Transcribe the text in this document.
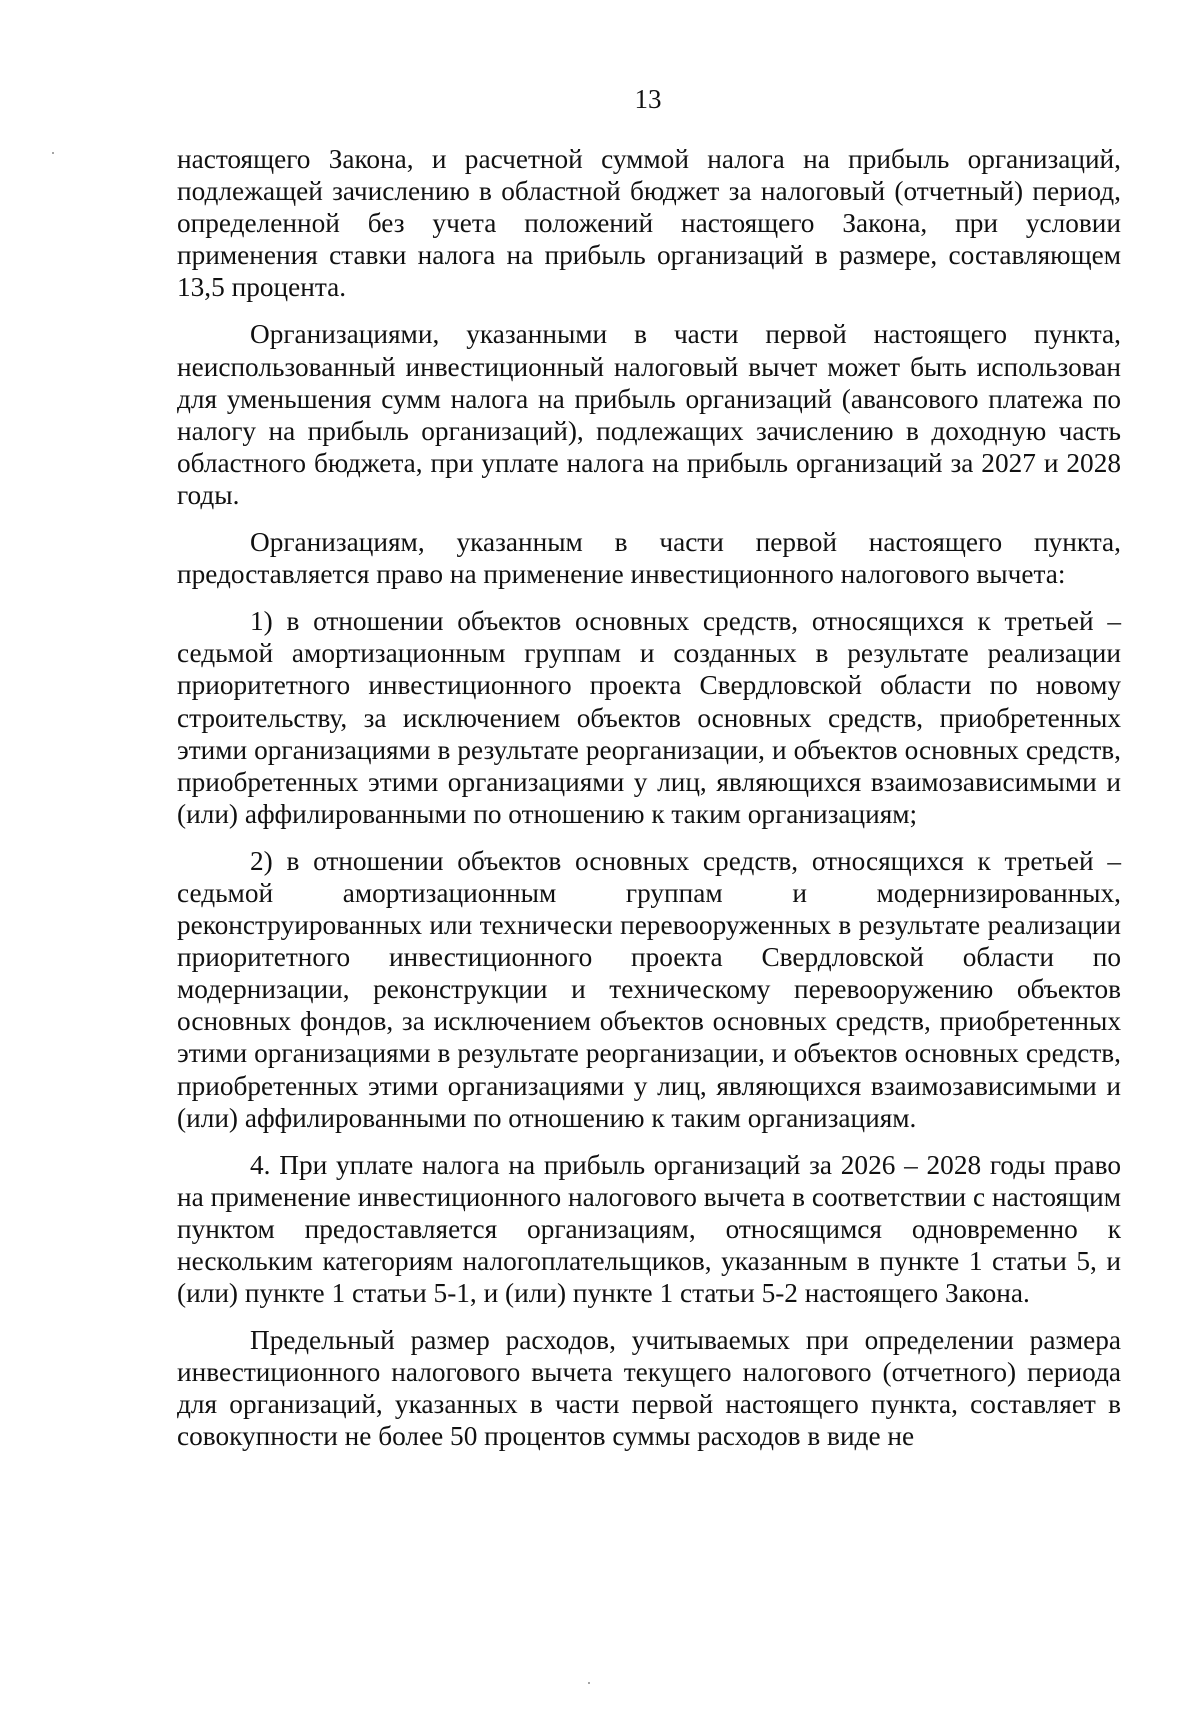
13

настоящего Закона, и расчетной суммой налога на прибыль организаций, подлежащей зачислению в областной бюджет за налоговый (отчетный) период, определенной без учета положений настоящего Закона, при условии применения ставки налога на прибыль организаций в размере, составляющем 13,5 процента.

Организациями, указанными в части первой настоящего пункта, неиспользованный инвестиционный налоговый вычет может быть использован для уменьшения сумм налога на прибыль организаций (авансового платежа по налогу на прибыль организаций), подлежащих зачислению в доходную часть областного бюджета, при уплате налога на прибыль организаций за 2027 и 2028 годы.

Организациям, указанным в части первой настоящего пункта, предоставляется право на применение инвестиционного налогового вычета:

1) в отношении объектов основных средств, относящихся к третьей – седьмой амортизационным группам и созданных в результате реализации приоритетного инвестиционного проекта Свердловской области по новому строительству, за исключением объектов основных средств, приобретенных этими организациями в результате реорганизации, и объектов основных средств, приобретенных этими организациями у лиц, являющихся взаимозависимыми и (или) аффилированными по отношению к таким организациям;

2) в отношении объектов основных средств, относящихся к третьей – седьмой амортизационным группам и модернизированных, реконструированных или технически перевооруженных в результате реализации приоритетного инвестиционного проекта Свердловской области по модернизации, реконструкции и техническому перевооружению объектов основных фондов, за исключением объектов основных средств, приобретенных этими организациями в результате реорганизации, и объектов основных средств, приобретенных этими организациями у лиц, являющихся взаимозависимыми и (или) аффилированными по отношению к таким организациям.

4. При уплате налога на прибыль организаций за 2026 – 2028 годы право на применение инвестиционного налогового вычета в соответствии с настоящим пунктом предоставляется организациям, относящимся одновременно к нескольким категориям налогоплательщиков, указанным в пункте 1 статьи 5, и (или) пункте 1 статьи 5-1, и (или) пункте 1 статьи 5-2 настоящего Закона.

Предельный размер расходов, учитываемых при определении размера инвестиционного налогового вычета текущего налогового (отчетного) периода для организаций, указанных в части первой настоящего пункта, составляет в совокупности не более 50 процентов суммы расходов в виде не
